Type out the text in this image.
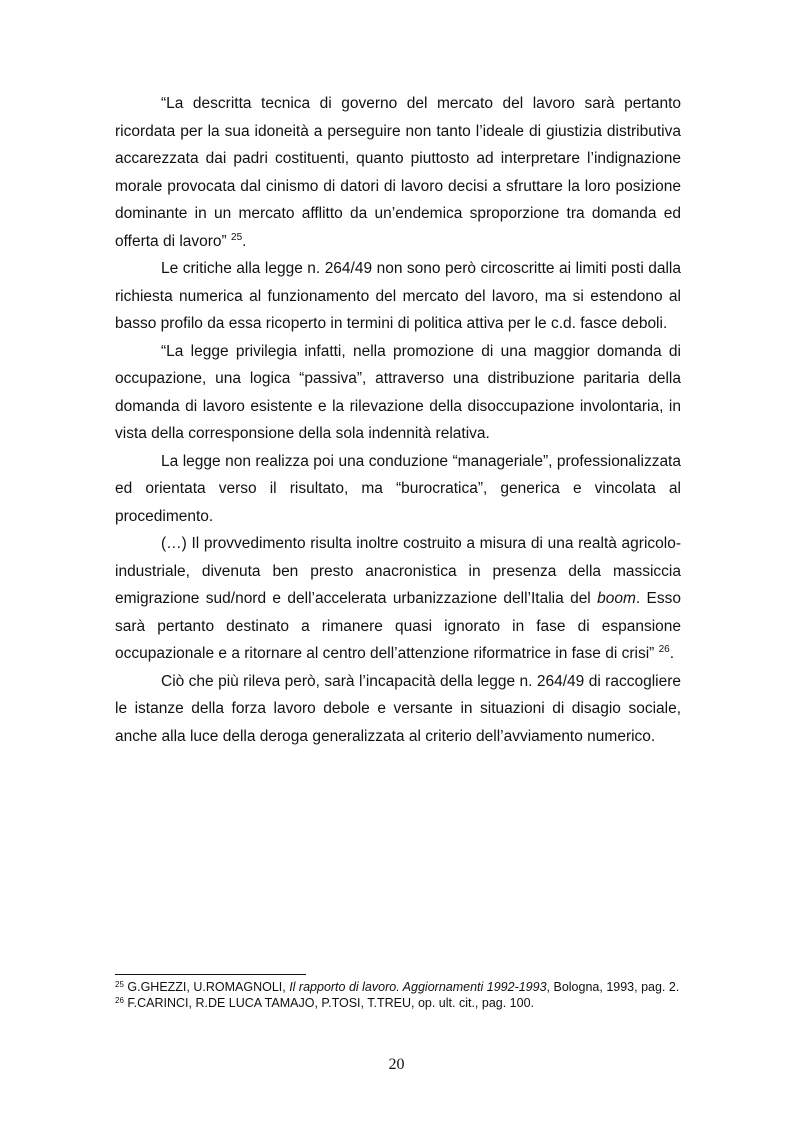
“La descritta tecnica di governo del mercato del lavoro sarà pertanto ricordata per la sua idoneità a perseguire non tanto l’ideale di giustizia distributiva accarezzata dai padri costituenti, quanto piuttosto ad interpretare l’indignazione morale provocata dal cinismo di datori di lavoro decisi a sfruttare la loro posizione dominante in un mercato afflitto da un’endemica sproporzione tra domanda ed offerta di lavoro” $^{25}$.

Le critiche alla legge n. 264/49 non sono però circoscritte ai limiti posti dalla richiesta numerica al funzionamento del mercato del lavoro, ma si estendono al basso profilo da essa ricoperto in termini di politica attiva per le c.d. fasce deboli.

“La legge privilegia infatti, nella promozione di una maggior domanda di occupazione, una logica “passiva”, attraverso una distribuzione paritaria della domanda di lavoro esistente e la rilevazione della disoccupazione involontaria, in vista della corresponsione della sola indennità relativa.

La legge non realizza poi una conduzione “manageriale”, professionalizzata ed orientata verso il risultato, ma “burocratica”, generica e vincolata al procedimento.

(…) Il provvedimento risulta inoltre costruito a misura di una realtà agricolo-industriale, divenuta ben presto anacronistica in presenza della massiccia emigrazione sud/nord e dell’accelerata urbanizzazione dell’Italia del boom. Esso sarà pertanto destinato a rimanere quasi ignorato in fase di espansione occupazionale e a ritornare al centro dell’attenzione riformatrice in fase di crisi” $^{26}$.

Ciò che più rileva però, sarà l’incapacità della legge n. 264/49 di raccogliere le istanze della forza lavoro debole e versante in situazioni di disagio sociale, anche alla luce della deroga generalizzata al criterio dell’avviamento numerico.

$^{25}$ G.GHEZZI, U.ROMAGNOLI, Il rapporto di lavoro. Aggiornamenti 1992-1993, Bologna, 1993, pag. 2.

$^{26}$ F.CARINCI, R.DE LUCA TAMAJO, P.TOSI, T.TREU, op. ult. cit., pag. 100.

20
